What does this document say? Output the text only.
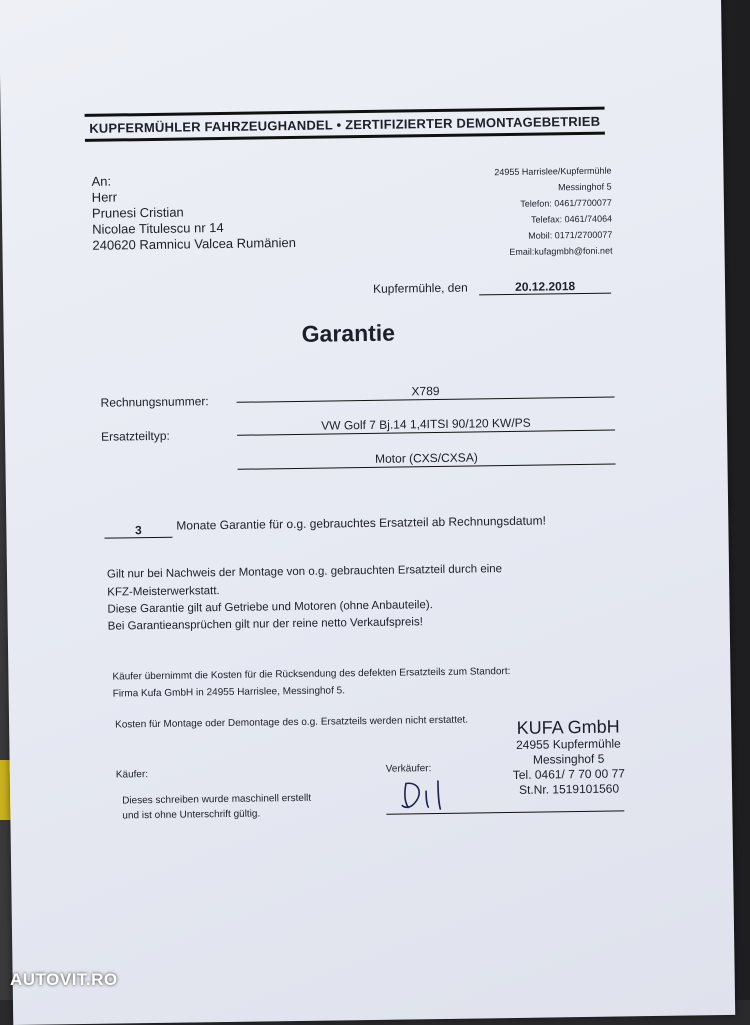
KUPFERMÜHLER FAHRZEUGHANDEL • ZERTIFIZIERTER DEMONTAGEBETRIEB
An:
Herr
Prunesi Cristian
Nicolae Titulescu nr 14
240620 Ramnicu Valcea Rumänien
24955 Harrislee/Kupfermühle
Messinghof 5
Telefon: 0461/7700077
Telefax: 0461/74064
Mobil: 0171/2700077
Email:kufagmbh@foni.net
Kupfermühle, den	20.12.2018
Garantie
Rechnungsnummer:
X789
Ersatzteiltyp:
VW Golf 7 Bj.14 1,4ITSI 90/120 KW/PS
Motor (CXS/CXSA)
3	Monate Garantie für o.g. gebrauchtes Ersatzteil ab Rechnungsdatum!
Gilt nur bei Nachweis der Montage von o.g. gebrauchten Ersatzteil durch eine
KFZ-Meisterwerkstatt.
Diese Garantie gilt auf Getriebe und Motoren (ohne Anbauteile).
Bei Garantieansprüchen gilt nur der reine netto Verkaufspreis!
Käufer übernimmt die Kosten für die Rücksendung des defekten Ersatzteils zum Standort:
Firma Kufa GmbH in 24955 Harrislee, Messinghof 5.
Kosten für Montage oder Demontage des o.g. Ersatzteils werden nicht erstattet.	KUFA GmbH
24955 Kupfermühle
Messinghof 5
Tel. 0461/ 7 70 00 77
St.Nr. 1519101560
Käufer:
Verkäufer:
Dieses schreiben wurde maschinell erstellt
und ist ohne Unterschrift gültig.
AUTOVIT.RO
